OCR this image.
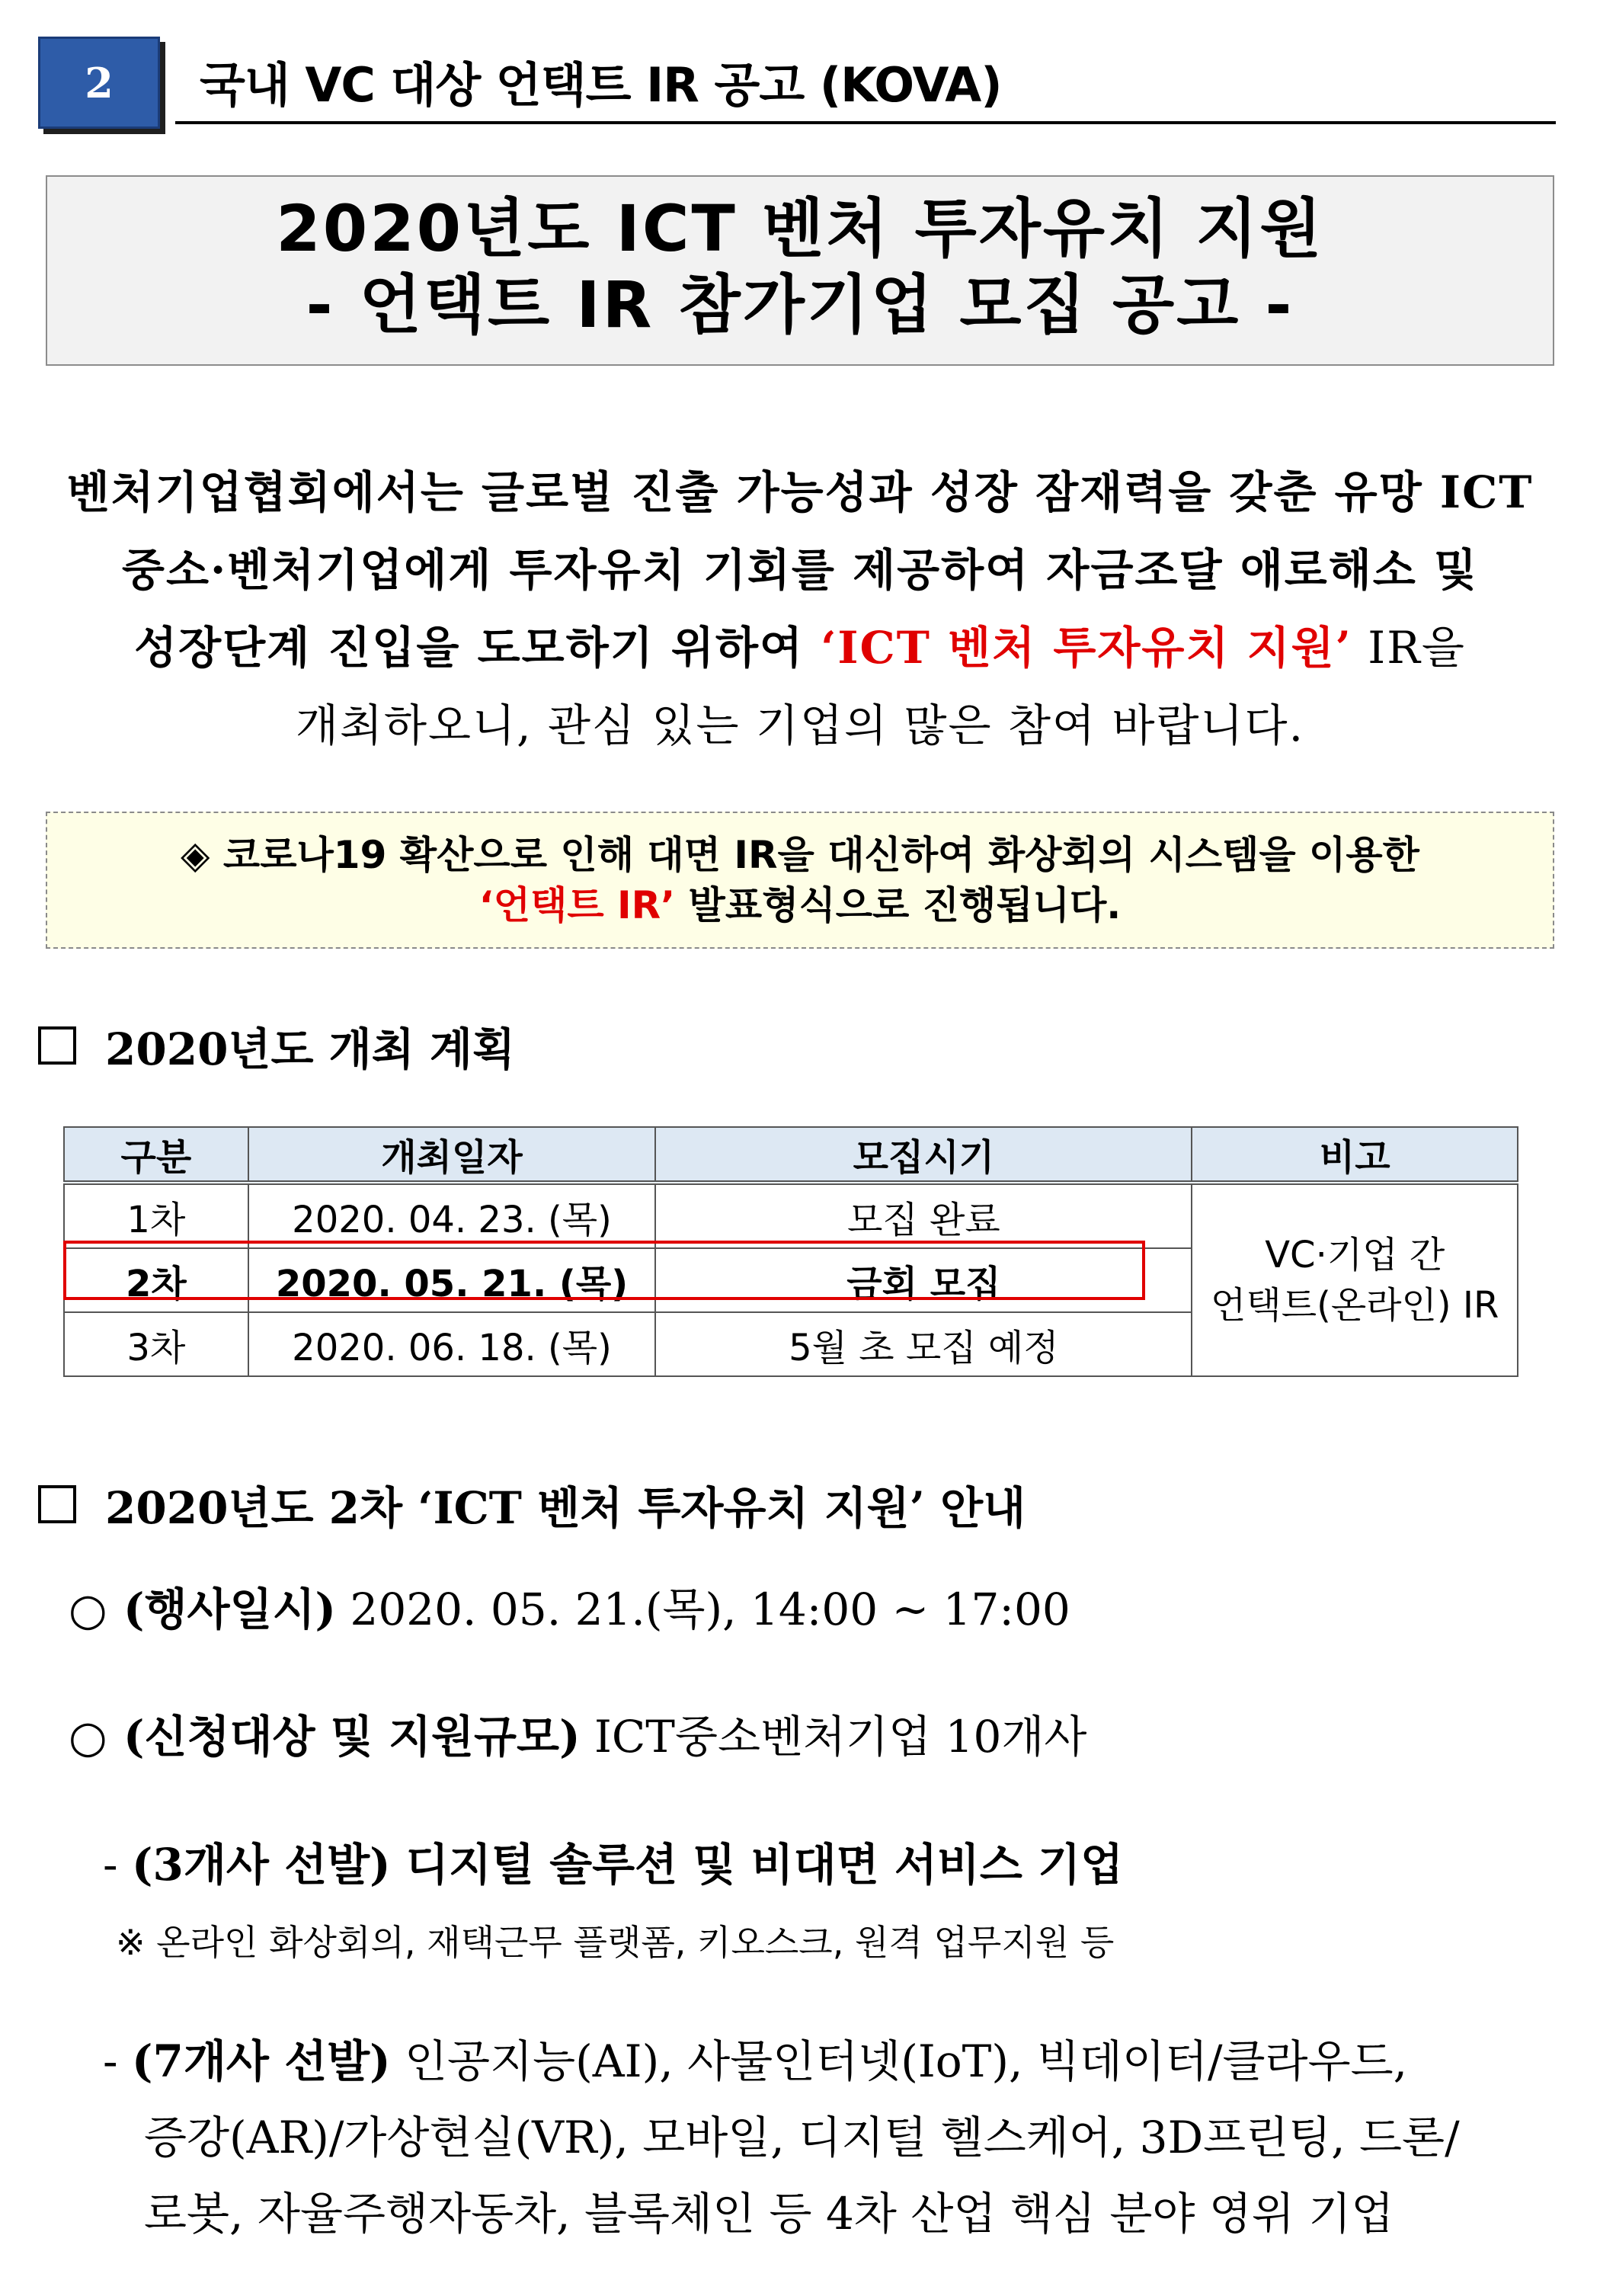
2	국내 VC 대상 언택트 IR 공고 (KOVA)
2020년도 ICT 벤처 투자유치 지원
- 언택트 IR 참가기업 모집 공고 -
벤처기업협회에서는 글로벌 진출 가능성과 성장 잠재력을 갖춘 유망 ICT
중소·벤처기업에게 투자유치 기회를 제공하여 자금조달 애로해소 및
성장단계 진입을 도모하기 위하여 ‘ICT 벤처 투자유치 지원’ IR을
개최하오니, 관심 있는 기업의 많은 참여 바랍니다.
◈ 코로나19 확산으로 인해 대면 IR을 대신하여 화상회의 시스템을 이용한
‘언택트 IR’ 발표형식으로 진행됩니다.
2020년도 개최 계획
구분	개최일자	모집시기	비고
1차	2020. 04. 23. (목)	모집 완료	VC·기업 간
언택트(온라인) IR

2차	2020. 05. 21. (목)	금회 모집	
3차	2020. 06. 18. (목)	5월 초 모집 예정	
2020년도 2차 ‘ICT 벤처 투자유치 지원’ 안내
○ (행사일시) 2020. 05. 21.(목), 14:00 ~ 17:00
○ (신청대상 및 지원규모) ICT중소벤처기업 10개사
- (3개사 선발) 디지털 솔루션 및 비대면 서비스 기업
※ 온라인 화상회의, 재택근무 플랫폼, 키오스크, 원격 업무지원 등
- (7개사 선발) 인공지능(AI), 사물인터넷(IoT), 빅데이터/클라우드,
증강(AR)/가상현실(VR), 모바일, 디지털 헬스케어, 3D프린팅, 드론/
로봇, 자율주행자동차, 블록체인 등 4차 산업 핵심 분야 영위 기업
